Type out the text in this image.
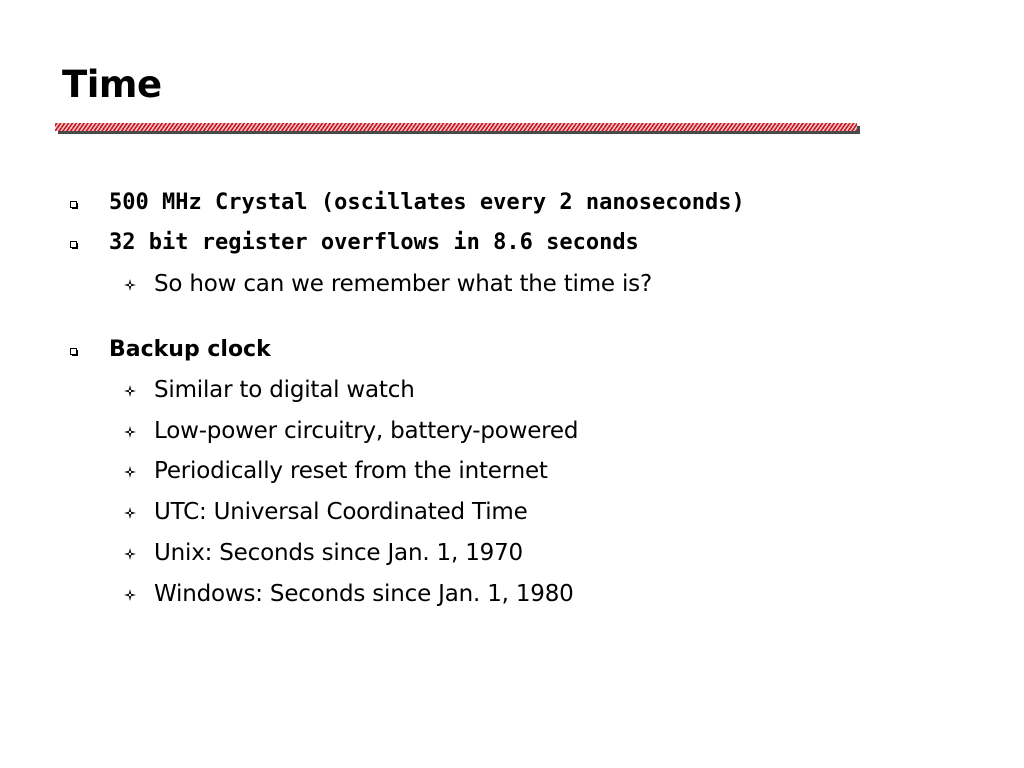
Time
500 MHz Crystal (oscillates every 2 nanoseconds)
32 bit register overflows in 8.6 seconds
So how can we remember what the time is?
Backup clock
Similar to digital watch
Low-power circuitry, battery-powered
Periodically reset from the internet
UTC: Universal Coordinated Time
Unix: Seconds since Jan. 1, 1970
Windows: Seconds since Jan. 1, 1980
